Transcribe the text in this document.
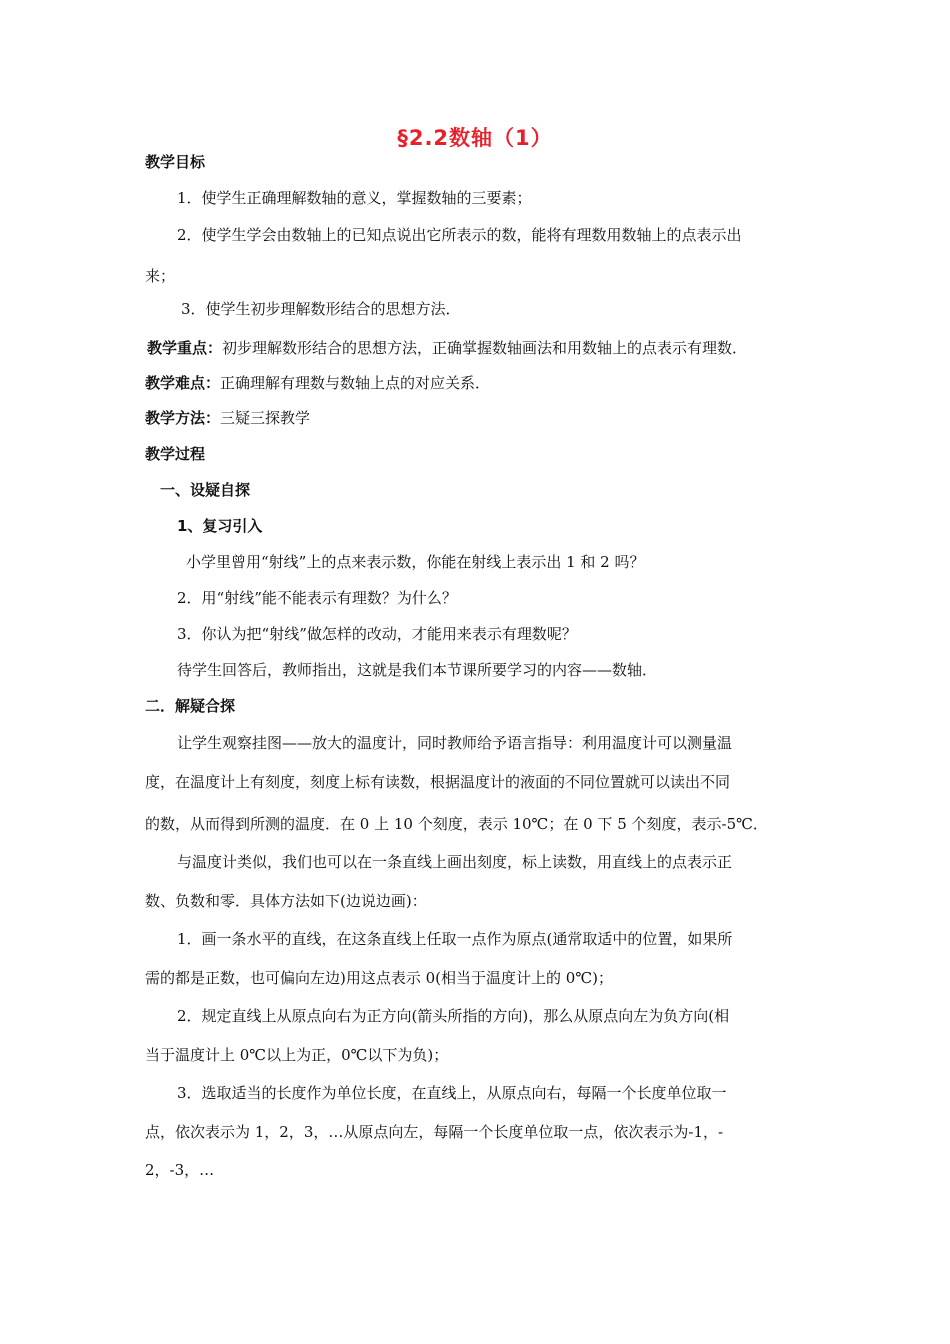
§2.2数轴（1）
教学目标
1．使学生正确理解数轴的意义，掌握数轴的三要素；
2．使学生学会由数轴上的已知点说出它所表示的数，能将有理数用数轴上的点表示出
来；
3．使学生初步理解数形结合的思想方法．
教学重点：初步理解数形结合的思想方法，正确掌握数轴画法和用数轴上的点表示有理数．
教学难点：正确理解有理数与数轴上点的对应关系．
教学方法：三疑三探教学
教学过程
一、设疑自探
1、复习引入
小学里曾用“射线”上的点来表示数，你能在射线上表示出 1 和 2 吗？
2．用“射线”能不能表示有理数？为什么？
3．你认为把“射线”做怎样的改动，才能用来表示有理数呢？
待学生回答后，教师指出，这就是我们本节课所要学习的内容——数轴．
二．解疑合探
让学生观察挂图——放大的温度计，同时教师给予语言指导：利用温度计可以测量温
度，在温度计上有刻度，刻度上标有读数，根据温度计的液面的不同位置就可以读出不同
的数，从而得到所测的温度．在 0 上 10 个刻度，表示 10℃；在 0 下 5 个刻度，表示-5℃．
与温度计类似，我们也可以在一条直线上画出刻度，标上读数，用直线上的点表示正
数、负数和零．具体方法如下(边说边画)：
1．画一条水平的直线，在这条直线上任取一点作为原点(通常取适中的位置，如果所
需的都是正数，也可偏向左边)用这点表示 0(相当于温度计上的 0℃)；
2．规定直线上从原点向右为正方向(箭头所指的方向)，那么从原点向左为负方向(相
当于温度计上 0℃以上为正，0℃以下为负)；
3．选取适当的长度作为单位长度，在直线上，从原点向右，每隔一个长度单位取一
点，依次表示为 1，2，3，…从原点向左，每隔一个长度单位取一点，依次表示为-1，-
2，-3，…
